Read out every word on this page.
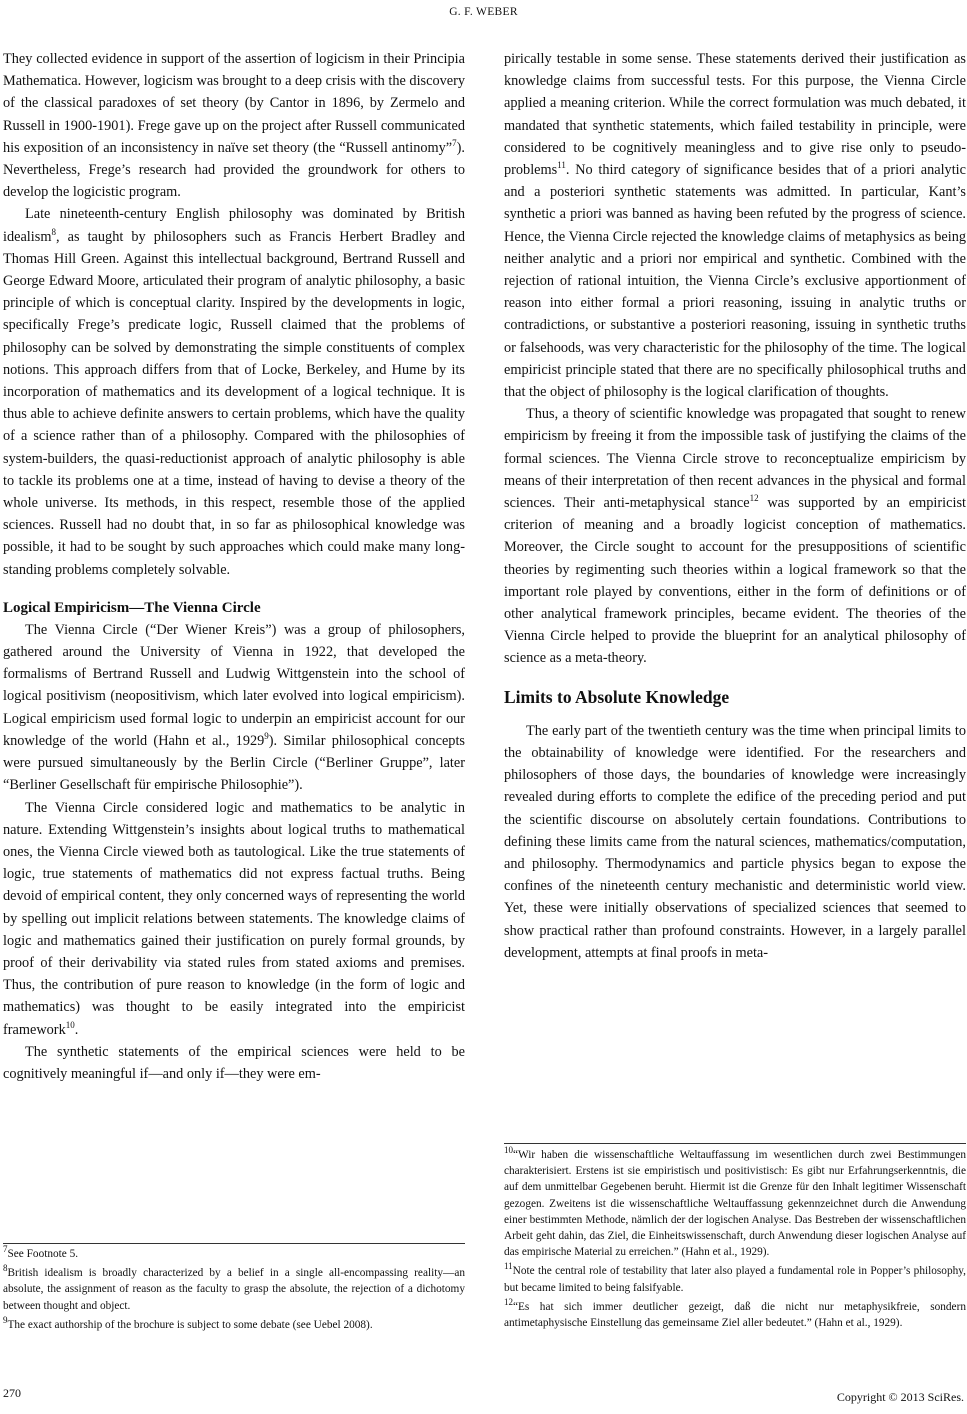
G. F. WEBER

They collected evidence in support of the assertion of logicism in their Principia Mathematica. However, logicism was brought to a deep crisis with the discovery of the classical paradoxes of set theory (by Cantor in 1896, by Zermelo and Russell in 1900-1901). Frege gave up on the project after Russell communicated his exposition of an inconsistency in naïve set theory (the “Russell antinomy”$^7$). Nevertheless, Frege’s research had provided the groundwork for others to develop the logicistic program.

Late nineteenth-century English philosophy was dominated by British idealism$^8$, as taught by philosophers such as Francis Herbert Bradley and Thomas Hill Green. Against this intellectual background, Bertrand Russell and George Edward Moore, articulated their program of analytic philosophy, a basic principle of which is conceptual clarity. Inspired by the developments in logic, specifically Frege’s predicate logic, Russell claimed that the problems of philosophy can be solved by demonstrating the simple constituents of complex notions. This approach differs from that of Locke, Berkeley, and Hume by its incorporation of mathematics and its development of a logical technique. It is thus able to achieve definite answers to certain problems, which have the quality of a science rather than of a philosophy. Compared with the philosophies of system-builders, the quasi-reductionist approach of analytic philosophy is able to tackle its problems one at a time, instead of having to devise a theory of the whole universe. Its methods, in this respect, resemble those of the applied sciences. Russell had no doubt that, in so far as philosophical knowledge was possible, it had to be sought by such approaches which could make many long-standing problems completely solvable.

Logical Empiricism—The Vienna Circle

The Vienna Circle (“Der Wiener Kreis”) was a group of philosophers, gathered around the University of Vienna in 1922, that developed the formalisms of Bertrand Russell and Ludwig Wittgenstein into the school of logical positivism (neopositivism, which later evolved into logical empiricism). Logical empiricism used formal logic to underpin an empiricist account for our knowledge of the world (Hahn et al., 1929$^9$). Similar philosophical concepts were pursued simultaneously by the Berlin Circle (“Berliner Gruppe”, later “Berliner Gesellschaft für empirische Philosophie”).

The Vienna Circle considered logic and mathematics to be analytic in nature. Extending Wittgenstein’s insights about logical truths to mathematical ones, the Vienna Circle viewed both as tautological. Like the true statements of logic, true statements of mathematics did not express factual truths. Being devoid of empirical content, they only concerned ways of representing the world by spelling out implicit relations between statements. The knowledge claims of logic and mathematics gained their justification on purely formal grounds, by proof of their derivability via stated rules from stated axioms and premises. Thus, the contribution of pure reason to knowledge (in the form of logic and mathematics) was thought to be easily integrated into the empiricist framework$^{10}$.

The synthetic statements of the empirical sciences were held to be cognitively meaningful if—and only if—they were em-

pirically testable in some sense. These statements derived their justification as knowledge claims from successful tests. For this purpose, the Vienna Circle applied a meaning criterion. While the correct formulation was much debated, it mandated that synthetic statements, which failed testability in principle, were considered to be cognitively meaningless and to give rise only to pseudo-problems$^{11}$. No third category of significance besides that of a priori analytic and a posteriori synthetic statements was admitted. In particular, Kant’s synthetic a priori was banned as having been refuted by the progress of science. Hence, the Vienna Circle rejected the knowledge claims of metaphysics as being neither analytic and a priori nor empirical and synthetic. Combined with the rejection of rational intuition, the Vienna Circle’s exclusive apportionment of reason into either formal a priori reasoning, issuing in analytic truths or contradictions, or substantive a posteriori reasoning, issuing in synthetic truths or falsehoods, was very characteristic for the philosophy of the time. The logical empiricist principle stated that there are no specifically philosophical truths and that the object of philosophy is the logical clarification of thoughts.

Thus, a theory of scientific knowledge was propagated that sought to renew empiricism by freeing it from the impossible task of justifying the claims of the formal sciences. The Vienna Circle strove to reconceptualize empiricism by means of their interpretation of then recent advances in the physical and formal sciences. Their anti-metaphysical stance$^{12}$ was supported by an empiricist criterion of meaning and a broadly logicist conception of mathematics. Moreover, the Circle sought to account for the presuppositions of scientific theories by regimenting such theories within a logical framework so that the important role played by conventions, either in the form of definitions or of other analytical framework principles, became evident. The theories of the Vienna Circle helped to provide the blueprint for an analytical philosophy of science as a meta-theory.

Limits to Absolute Knowledge

The early part of the twentieth century was the time when principal limits to the obtainability of knowledge were identified. For the researchers and philosophers of those days, the boundaries of knowledge were increasingly revealed during efforts to complete the edifice of the preceding period and put the scientific discourse on absolutely certain foundations. Contributions to defining these limits came from the natural sciences, mathematics/computation, and philosophy. Thermodynamics and particle physics began to expose the confines of the nineteenth century mechanistic and deterministic world view. Yet, these were initially observations of specialized sciences that seemed to show practical rather than profound constraints. However, in a largely parallel development, attempts at final proofs in meta-

$^7$See Footnote 5.

$^8$British idealism is broadly characterized by a belief in a single all-encompassing reality—an absolute, the assignment of reason as the faculty to grasp the absolute, the rejection of a dichotomy between thought and object.

$^9$The exact authorship of the brochure is subject to some debate (see Uebel 2008).

$^{10}$“Wir haben die wissenschaftliche Weltauffassung im wesentlichen durch zwei Bestimmungen charakterisiert. Erstens ist sie empiristisch und positivistisch: Es gibt nur Erfahrungserkenntnis, die auf dem unmittelbar Gegebenen beruht. Hiermit ist die Grenze für den Inhalt legitimer Wissenschaft gezogen. Zweitens ist die wissenschaftliche Weltauffassung gekennzeichnet durch die Anwendung einer bestimmten Methode, nämlich der der logischen Analyse. Das Bestreben der wissenschaftlichen Arbeit geht dahin, das Ziel, die Einheitswissenschaft, durch Anwendung dieser logischen Analyse auf das empirische Material zu erreichen.” (Hahn et al., 1929).

$^{11}$Note the central role of testability that later also played a fundamental role in Popper’s philosophy, but became limited to being falsifyable.

$^{12}$“Es hat sich immer deutlicher gezeigt, daß die nicht nur metaphysikfreie, sondern antimetaphysische Einstellung das gemeinsame Ziel aller bedeutet.” (Hahn et al., 1929).

270	Copyright © 2013 SciRes.
